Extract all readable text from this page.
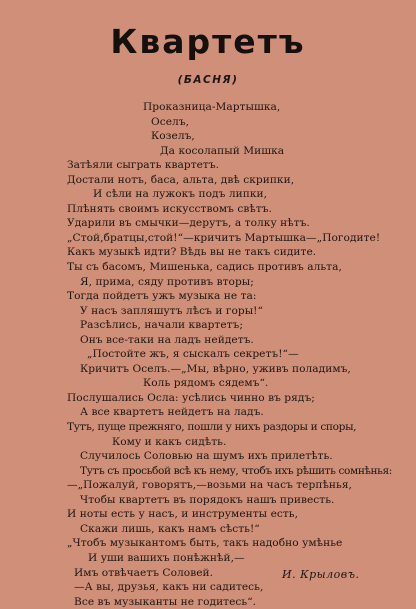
Квартетъ
(БАСНЯ)
Проказница-Мартышка,
Оселъ,
Козелъ,
Да косолапый Мишка
Затѣяли сыграть квартетъ.
Достали нотъ, баса, альта, двѣ скрипки,
И сѣли на лужокъ подъ липки,
Плѣнять своимъ искусствомъ свѣтъ.
Ударили въ смычки—дерутъ, а толку нѣтъ.
„Стой,братцы,стой!“—кричитъ Мартышка—„Погодите!
Какъ музыкѣ идти? Вѣдь вы не такъ сидите.
Ты съ басомъ, Мишенька, садись противъ альта,
Я, прима, сяду противъ вторы;
Тогда пойдетъ ужъ музыка не та:
У насъ запляшутъ лѣсъ и горы!“
Разсѣлись, начали квартетъ;
Онъ все-таки на ладъ нейдетъ.
„Постойте жъ, я сыскалъ секретъ!“—
Кричитъ Оселъ.—„Мы, вѣрно, уживъ поладимъ,
Коль рядомъ сядемъ“.
Послушались Осла: усѣлись чинно въ рядъ;
А все квартетъ нейдетъ на ладъ.
Тутъ, пуще прежняго, пошли у нихъ раздоры и споры,
Кому и какъ сидѣть.
Случилось Соловью на шумъ ихъ прилетѣть.
Тутъ съ просьбой всѣ къ нему, чтобъ ихъ рѣшить сомнѣнья:
—„Пожалуй, говорятъ,—возьми на часъ терпѣнья,
Чтобы квартетъ въ порядокъ нашъ привесть.
И ноты есть у насъ, и инструменты есть,
Скажи лишь, какъ намъ сѣсть!“
„Чтобъ музыкантомъ быть, такъ надобно умѣнье
И уши вашихъ понѣжнѣй,—
Имъ отвѣчаетъ Соловей.
—А вы, друзья, какъ ни садитесь,
Все въ музыканты не годитесь“.
И. Крыловъ.
